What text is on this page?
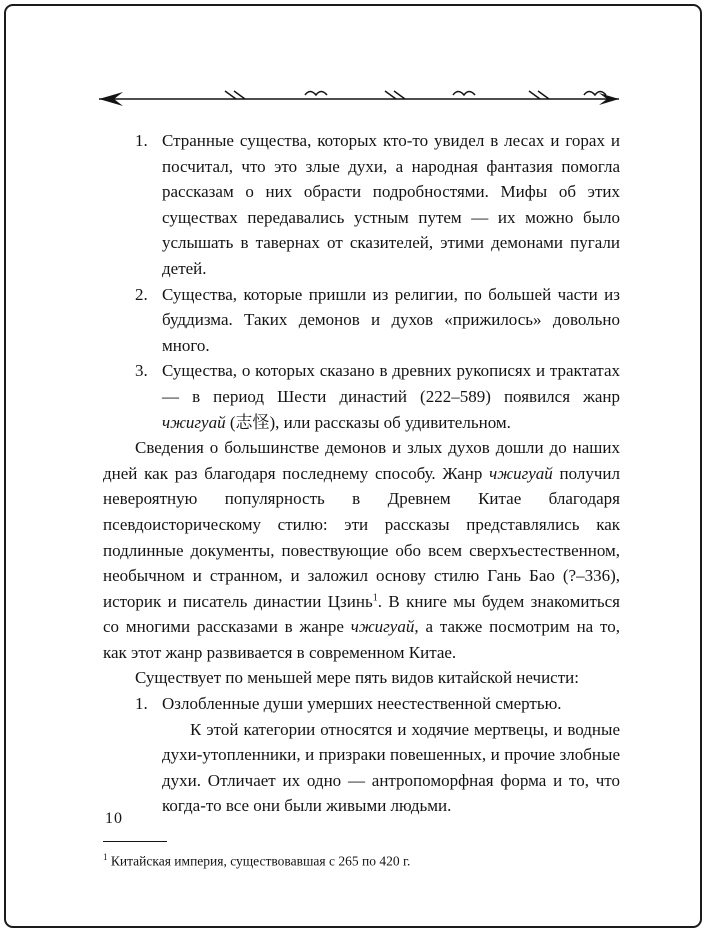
1. Странные существа, которых кто-то увидел в лесах и горах и посчитал, что это злые духи, а народная фантазия помогла рассказам о них обрасти подробностями. Мифы об этих существах передавались устным путем — их можно было услышать в тавернах от сказителей, этими демонами пугали детей.
2. Существа, которые пришли из религии, по большей части из буддизма. Таких демонов и духов «прижилось» довольно много.
3. Существа, о которых сказано в древних рукописях и трактатах — в период Шести династий (222–589) появился жанр чжигуай (志怪), или рассказы об удивительном.

Сведения о большинстве демонов и злых духов дошли до наших дней как раз благодаря последнему способу. Жанр чжигуай получил невероятную популярность в Древнем Китае благодаря псевдоисторическому стилю: эти рассказы представлялись как подлинные документы, повествующие обо всем сверхъестественном, необычном и странном, и заложил основу стилю Гань Бао (?–336), историк и писатель династии Цзинь$^1$. В книге мы будем знакомиться со многими рассказами в жанре чжигуай, а также посмотрим на то, как этот жанр развивается в современном Китае.

Существует по меньшей мере пять видов китайской нечисти:

1. Озлобленные души умерших неестественной смертью.

К этой категории относятся и ходячие мертвецы, и водные духи-утопленники, и призраки повешенных, и прочие злобные духи. Отличает их одно — антропоморфная форма и то, что когда-то все они были живыми людьми.

$^1$ Китайская империя, существовавшая с 265 по 420 г.

10
